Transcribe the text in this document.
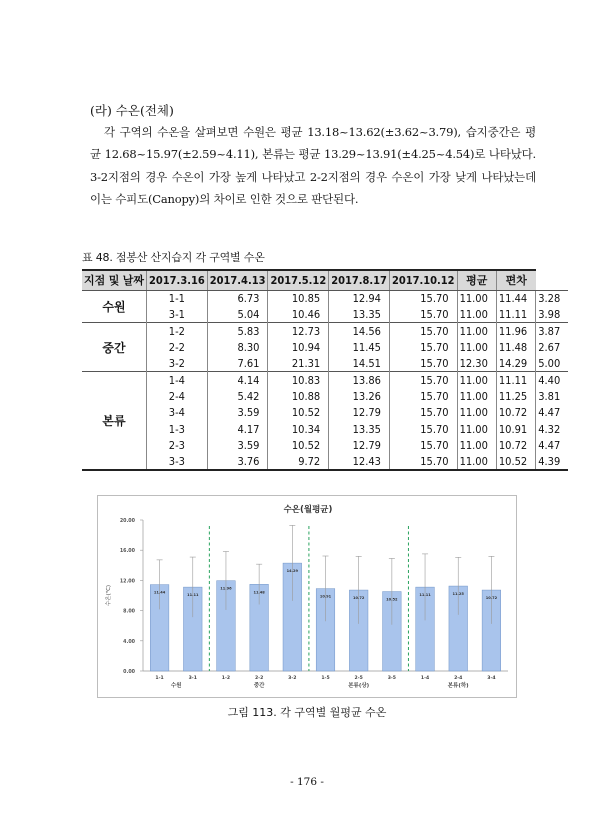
(라) 수온(전체)

각 구역의 수온을 살펴보면 수원은 평균 13.18~13.62(±3.62~3.79), 습지중간은 평균 12.68~15.97(±2.59~4.11), 본류는 평균 13.29~13.91(±4.25~4.54)로 나타났다. 3-2지점의 경우 수온이 가장 높게 나타났고 2-2지점의 경우 수온이 가장 낮게 나타났는데 이는 수피도(Canopy)의 차이로 인한 것으로 판단된다.

표 48. 점봉산 산지습지 각 구역별 수온
지점 및 날짜	2017.3.16	2017.4.13	2017.5.12	2017.8.17	2017.10.12	평균	편차	
수원	1-1	6.73	10.85	12.94	15.70	11.00	11.44	3.28
	3-1	5.04	10.46	13.35	15.70	11.00	11.11	3.98
중간	1-2	5.83	12.73	14.56	15.70	11.00	11.96	3.87
	2-2	8.30	10.94	11.45	15.70	11.00	11.48	2.67
	3-2	7.61	21.31	14.51	15.70	12.30	14.29	5.00
본류	1-4	4.14	10.83	13.86	15.70	11.00	11.11	4.40
	2-4	5.42	10.88	13.26	15.70	11.00	11.25	3.81
	3-4	3.59	10.52	12.79	15.70	11.00	10.72	4.47
	1-3	4.17	10.34	13.35	15.70	11.00	10.91	4.32
	2-3	3.59	10.52	12.79	15.70	11.00	10.72	4.47
	3-3	3.76	9.72	12.43	15.70	11.00	10.52	4.39
수온(월평균)
0.00
4.00
8.00
12.00
16.00
20.00
수온(℃)	11.44
1-1
11.11
3-1
11.96
1-2
11.48
2-2
14.29
3-2
10.91
1-5
10.72
2-5
10.52
3-5
11.11
1-4
11.25
2-4
10.72
3-4
수원	중간	본류(상)	본류(하)
그림 113. 각 구역별 월평균 수온
- 176 -
